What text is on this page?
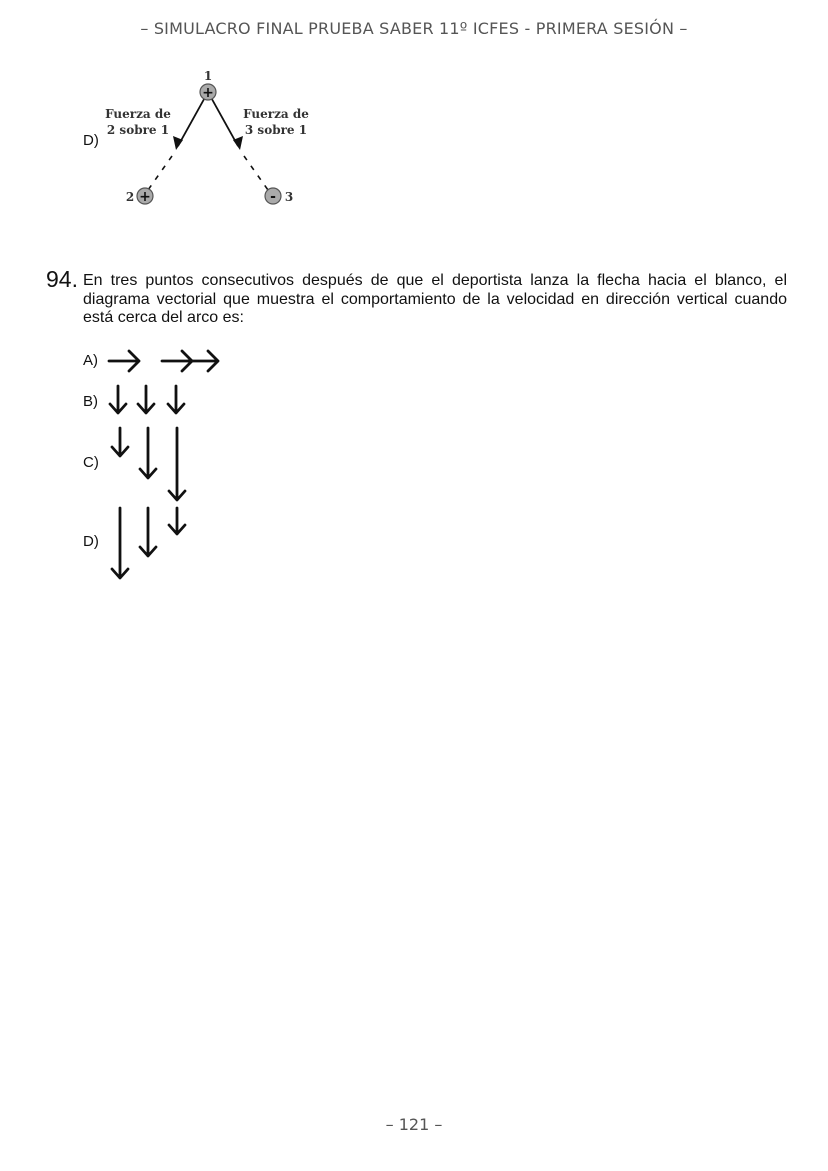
– SIMULACRO FINAL PRUEBA SABER 11º ICFES - PRIMERA SESIÓN –
D)
+
1
+
2	- 3
Fuerza de
2 sobre 1
Fuerza de
3 sobre 1
94. En tres puntos consecutivos después de que el deportista lanza la flecha hacia el blanco, el diagrama vectorial que muestra el comportamiento de la velocidad en dirección vertical cuando está cerca del arco es:
A)
B)
C)
D)
– 121 –
